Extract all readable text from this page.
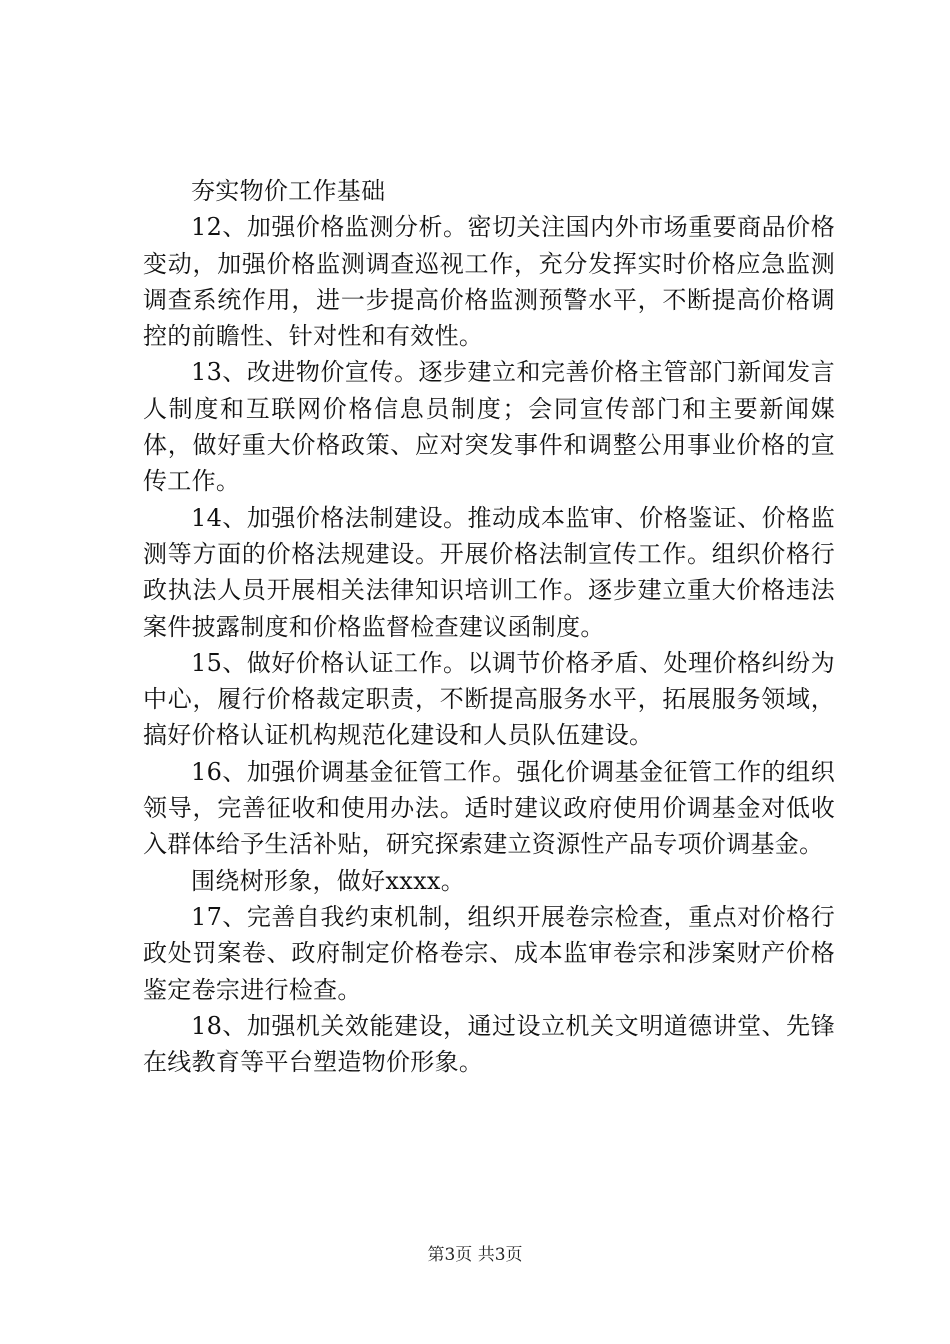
夯实物价工作基础

12、加强价格监测分析。密切关注国内外市场重要商品价格变动，加强价格监测调查巡视工作，充分发挥实时价格应急监测调查系统作用，进一步提高价格监测预警水平，不断提高价格调控的前瞻性、针对性和有效性。

13、改进物价宣传。逐步建立和完善价格主管部门新闻发言人制度和互联网价格信息员制度；会同宣传部门和主要新闻媒体，做好重大价格政策、应对突发事件和调整公用事业价格的宣传工作。

14、加强价格法制建设。推动成本监审、价格鉴证、价格监测等方面的价格法规建设。开展价格法制宣传工作。组织价格行政执法人员开展相关法律知识培训工作。逐步建立重大价格违法案件披露制度和价格监督检查建议函制度。

15、做好价格认证工作。以调节价格矛盾、处理价格纠纷为中心，履行价格裁定职责，不断提高服务水平，拓展服务领域，搞好价格认证机构规范化建设和人员队伍建设。

16、加强价调基金征管工作。强化价调基金征管工作的组织领导，完善征收和使用办法。适时建议政府使用价调基金对低收入群体给予生活补贴，研究探索建立资源性产品专项价调基金。

围绕树形象，做好xxxx。

17、完善自我约束机制，组织开展卷宗检查，重点对价格行政处罚案卷、政府制定价格卷宗、成本监审卷宗和涉案财产价格鉴定卷宗进行检查。

18、加强机关效能建设，通过设立机关文明道德讲堂、先锋在线教育等平台塑造物价形象。

第3页 共3页
